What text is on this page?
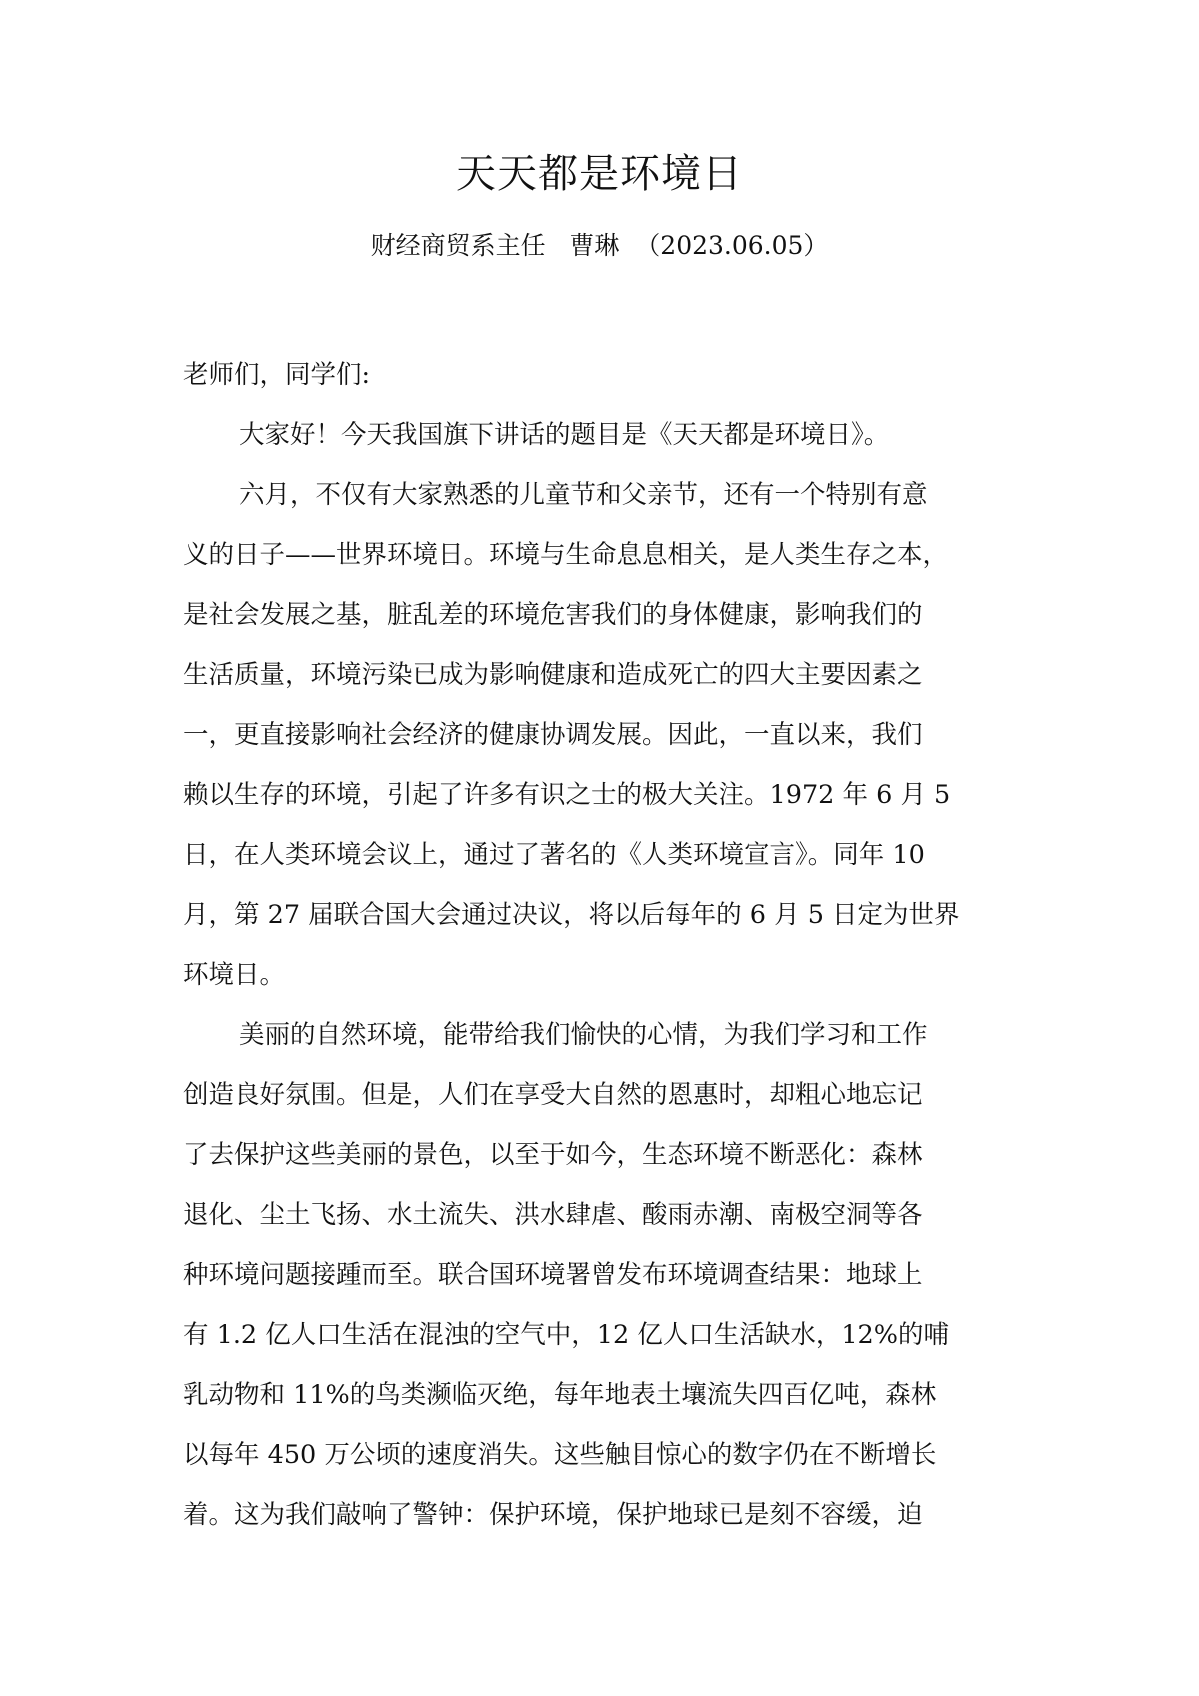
天天都是环境日
财经商贸系主任   曹琳  （2023.06.05）
老师们，同学们:
大家好！今天我国旗下讲话的题目是《天天都是环境日》。
六月，不仅有大家熟悉的儿童节和父亲节，还有一个特别有意
义的日子——世界环境日。环境与生命息息相关，是人类生存之本，
是社会发展之基，脏乱差的环境危害我们的身体健康，影响我们的
生活质量，环境污染已成为影响健康和造成死亡的四大主要因素之
一，更直接影响社会经济的健康协调发展。因此，一直以来，我们
赖以生存的环境，引起了许多有识之士的极大关注。1972 年 6 月 5
日，在人类环境会议上，通过了著名的《人类环境宣言》。同年 10
月，第 27 届联合国大会通过决议，将以后每年的 6 月 5 日定为世界
环境日。
美丽的自然环境，能带给我们愉快的心情，为我们学习和工作
创造良好氛围。但是，人们在享受大自然的恩惠时，却粗心地忘记
了去保护这些美丽的景色，以至于如今，生态环境不断恶化：森林
退化、尘土飞扬、水土流失、洪水肆虐、酸雨赤潮、南极空洞等各
种环境问题接踵而至。联合国环境署曾发布环境调查结果：地球上
有 1.2 亿人口生活在混浊的空气中，12 亿人口生活缺水，12%的哺
乳动物和 11%的鸟类濒临灭绝，每年地表土壤流失四百亿吨，森林
以每年 450 万公顷的速度消失。这些触目惊心的数字仍在不断增长
着。这为我们敲响了警钟：保护环境，保护地球已是刻不容缓，迫
